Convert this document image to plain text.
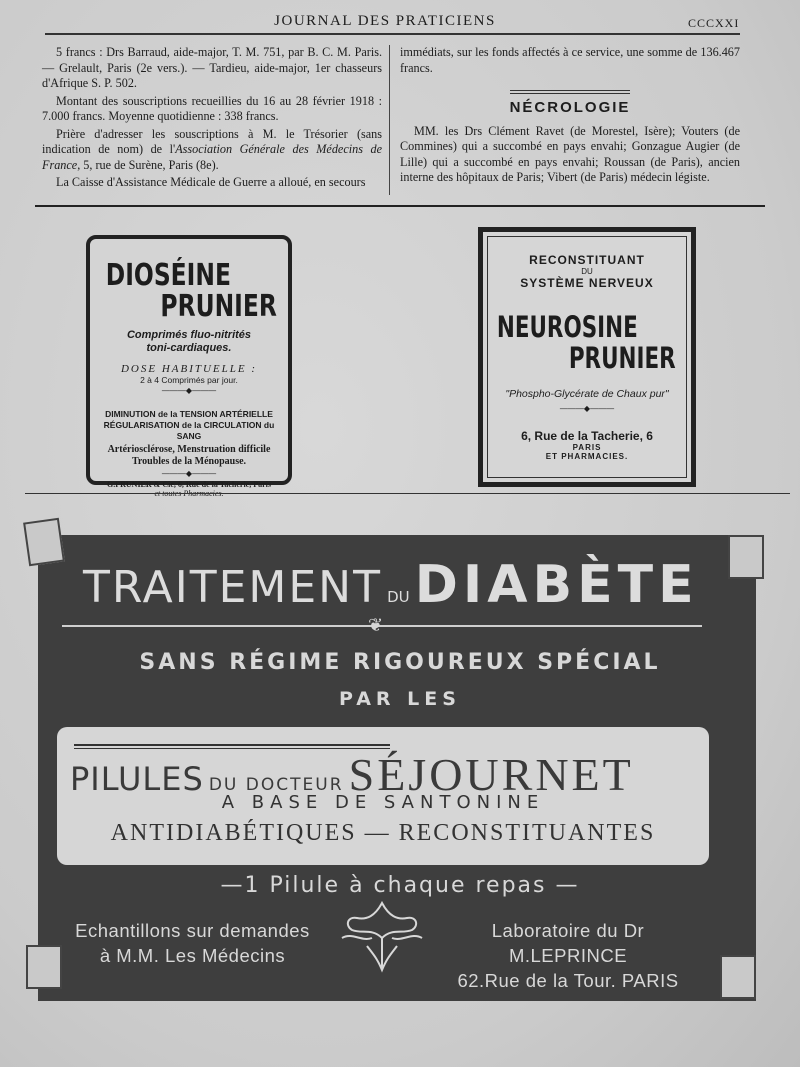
JOURNAL DES PRATICIENS	CCCXXI

5 francs : Drs Barraud, aide-major, T. M. 751, par B. C. M. Paris. — Grelault, Paris (2e vers.). — Tardieu, aide-major, 1er chasseurs d'Afrique S. P. 502.

Montant des souscriptions recueillies du 16 au 28 février 1918 : 7.000 francs. Moyenne quotidienne : 338 francs.

Prière d'adresser les souscriptions à M. le Trésorier (sans indication de nom) de l'Association Générale des Médecins de France, 5, rue de Surène, Paris (8e).

La Caisse d'Assistance Médicale de Guerre a alloué, en secours

immédiats, sur les fonds affectés à ce service, une somme de 136.467 francs.

NÉCROLOGIE

MM. les Drs Clément Ravet (de Morestel, Isère); Vouters (de Commines) qui a succombé en pays envahi; Gonzague Augier (de Lille) qui a succombé en pays envahi; Roussan (de Paris), ancien interne des hôpitaux de Paris; Vibert (de Paris) médecin légiste.

DIOSÉINE
PRUNIER
Comprimés fluo-nitrités
toni-cardiaques.
DOSE HABITUELLE :
2 à 4 Comprimés par jour.
———◆———
DIMINUTION de la TENSION ARTÉRIELLE
RÉGULARISATION de la CIRCULATION du SANG
Artériosclérose, Menstruation difficile
Troubles de la Ménopause.
———◆———
G.PRUNIER & Cie, 6, Rue de la Tacherie, Paris
et toutes Pharmacies.
RECONSTITUANT
DU
SYSTÈME NERVEUX
NEUROSINE
PRUNIER
"Phospho-Glycérate de Chaux pur"
———◆———
6, Rue de la Tacherie, 6
PARIS
ET PHARMACIES.
TRAITEMENT DU DIABÈTE
❦
SANS RÉGIME RIGOUREUX SPÉCIAL
PAR LES
PILULES DU DOCTEUR SÉJOURNET
A BASE DE SANTONINE
ANTIDIABÉTIQUES — RECONSTITUANTES
—1 Pilule à chaque repas —
Echantillons sur demandes
à M.M. Les Médecins
Laboratoire du Dr M.LEPRINCE
62.Rue de la Tour. PARIS
